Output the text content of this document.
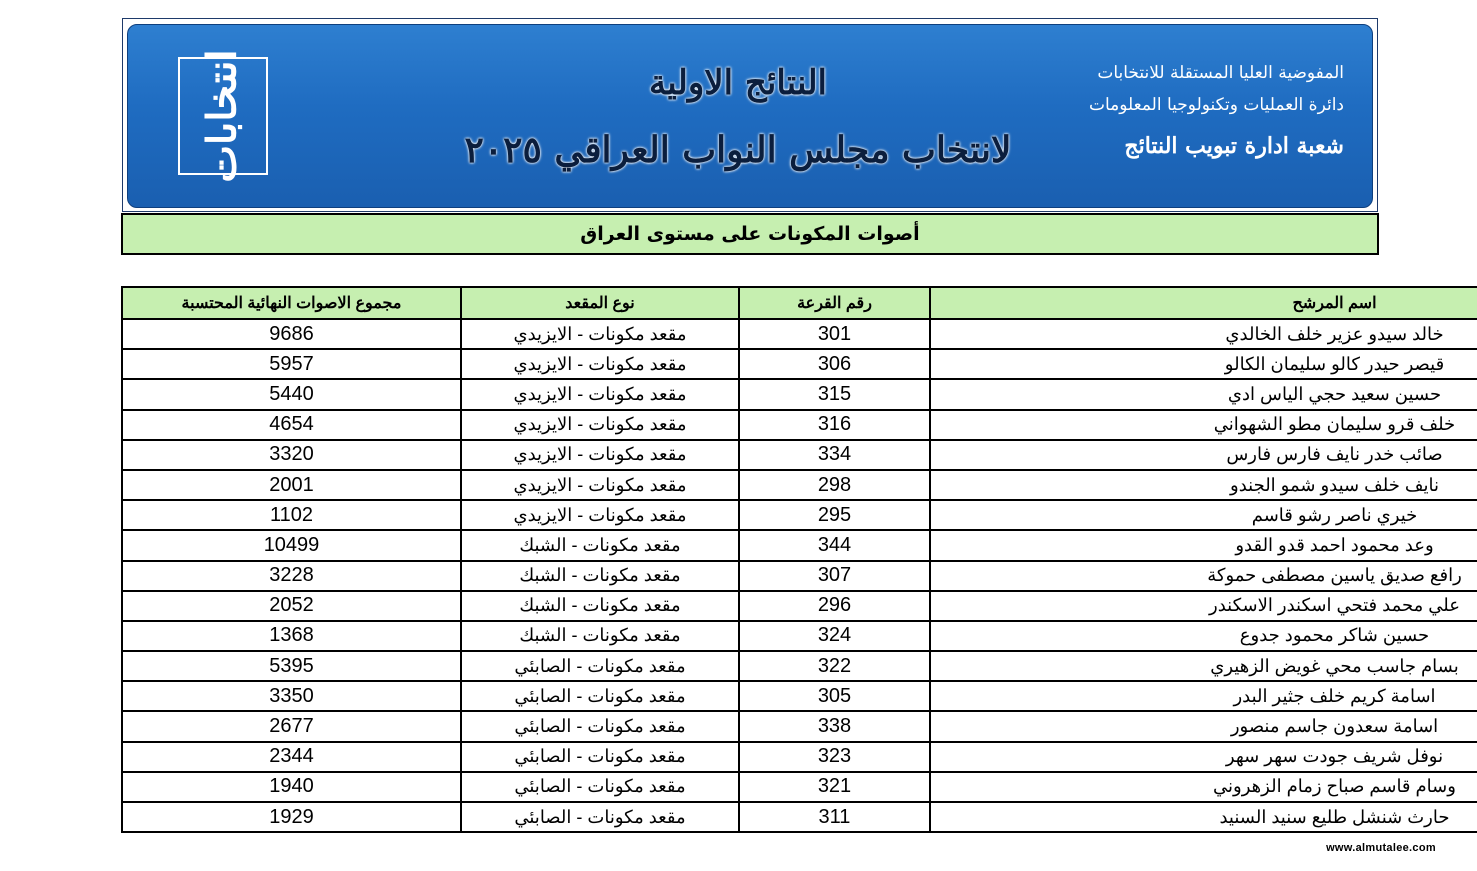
انتخابات	النتائج الاولية
لانتخاب مجلس النواب العراقي ٢٠٢٥
المفوضية العليا المستقلة للانتخابات
دائرة العمليات وتكنولوجيا المعلومات
شعبة ادارة تبويب النتائج
أصوات المكونات على مستوى العراق
اسم المرشح	رقم القرعة	نوع المقعد	مجموع الاصوات النهائية المحتسبة
خالد سيدو عزير خلف الخالدي	301	مقعد مكونات - الايزيدي	9686
قيصر حيدر كالو سليمان الكالو	306	مقعد مكونات - الايزيدي	5957
حسين سعيد حجي الياس ادي	315	مقعد مكونات - الايزيدي	5440
خلف قرو سليمان مطو الشهواني	316	مقعد مكونات - الايزيدي	4654
صائب خدر نايف فارس فارس	334	مقعد مكونات - الايزيدي	3320
نايف خلف سيدو شمو الجندو	298	مقعد مكونات - الايزيدي	2001
خيري ناصر رشو قاسم	295	مقعد مكونات - الايزيدي	1102
وعد محمود احمد قدو القدو	344	مقعد مكونات - الشبك	10499
رافع صديق ياسين مصطفى حموكة	307	مقعد مكونات - الشبك	3228
علي محمد فتحي اسكندر الاسكندر	296	مقعد مكونات - الشبك	2052
حسين شاكر محمود جدوع	324	مقعد مكونات - الشبك	1368
بسام جاسب محي غويض الزهيري	322	مقعد مكونات - الصابئي	5395
اسامة كريم خلف جثير البدر	305	مقعد مكونات - الصابئي	3350
اسامة سعدون جاسم منصور	338	مقعد مكونات - الصابئي	2677
نوفل شريف جودت سهر سهر	323	مقعد مكونات - الصابئي	2344
وسام قاسم صباح زمام الزهروني	321	مقعد مكونات - الصابئي	1940
حارث شنشل طليع سنيد السنيد	311	مقعد مكونات - الصابئي	1929
www.almutalee.com
